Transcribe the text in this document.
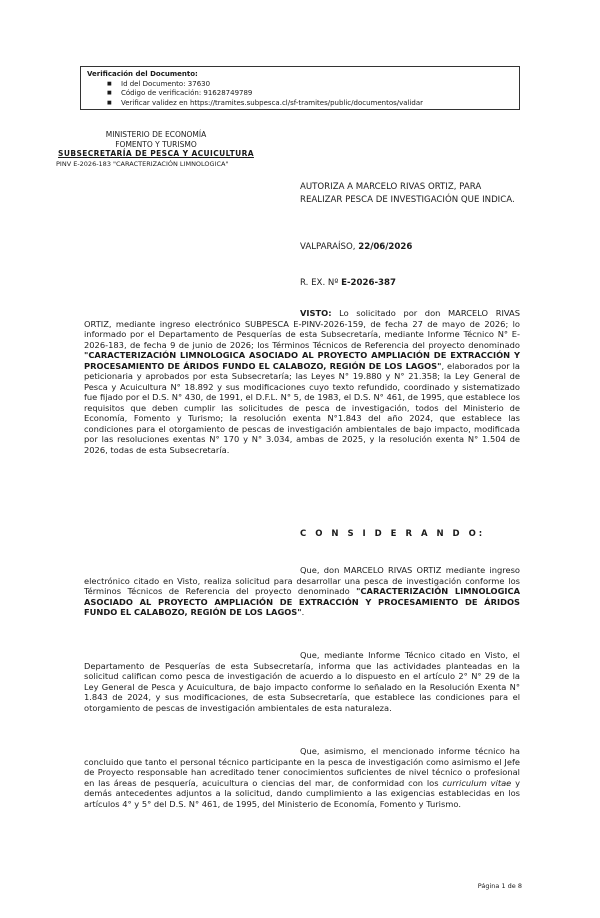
Verificación del Documento:
■ Id del Documento: 37630
■ Código de verificación: 91628749789
■ Verificar validez en https://tramites.subpesca.cl/sf-tramites/public/documentos/validar
MINISTERIO DE ECONOMÍA
FOMENTO Y TURISMO
SUBSECRETARÍA DE PESCA Y ACUICULTURA
PINV E-2026-183 "CARACTERIZACIÓN LIMNOLOGICA"
AUTORIZA A MARCELO RIVAS ORTIZ, PARA REALIZAR PESCA DE INVESTIGACIÓN QUE INDICA.
VALPARAÍSO, 22/06/2026
R. EX. Nº E-2026-387
VISTO: Lo solicitado por don MARCELO RIVAS ORTIZ, mediante ingreso electrónico SUBPESCA E-PINV-2026-159, de fecha 27 de mayo de 2026; lo informado por el Departamento de Pesquerías de esta Subsecretaría, mediante Informe Técnico N° E-2026-183, de fecha 9 de junio de 2026; los Términos Técnicos de Referencia del proyecto denominado "CARACTERIZACIÓN LIMNOLOGICA ASOCIADO AL PROYECTO AMPLIACIÓN DE EXTRACCIÓN Y PROCESAMIENTO DE ÁRIDOS FUNDO EL CALABOZO, REGIÓN DE LOS LAGOS", elaborados por la peticionaria y aprobados por esta Subsecretaría; las Leyes N° 19.880 y N° 21.358; la Ley General de Pesca y Acuicultura N° 18.892 y sus modificaciones cuyo texto refundido, coordinado y sistematizado fue fijado por el D.S. N° 430, de 1991, el D.F.L. N° 5, de 1983, el D.S. N° 461, de 1995, que establece los requisitos que deben cumplir las solicitudes de pesca de investigación, todos del Ministerio de Economía, Fomento y Turismo; la resolución exenta N°1.843 del año 2024, que establece las condiciones para el otorgamiento de pescas de investigación ambientales de bajo impacto, modificada por las resoluciones exentas N° 170 y N° 3.034, ambas de 2025, y la resolución exenta N° 1.504 de 2026, todas de esta Subsecretaría.
C O N S I D E R A N D O:
Que, don MARCELO RIVAS ORTIZ mediante ingreso electrónico citado en Visto, realiza solicitud para desarrollar una pesca de investigación conforme los Términos Técnicos de Referencia del proyecto denominado "CARACTERIZACIÓN LIMNOLOGICA ASOCIADO AL PROYECTO AMPLIACIÓN DE EXTRACCIÓN Y PROCESAMIENTO DE ÁRIDOS FUNDO EL CALABOZO, REGIÓN DE LOS LAGOS".
Que, mediante Informe Técnico citado en Visto, el Departamento de Pesquerías de esta Subsecretaría, informa que las actividades planteadas en la solicitud califican como pesca de investigación de acuerdo a lo dispuesto en el artículo 2° N° 29 de la Ley General de Pesca y Acuicultura, de bajo impacto conforme lo señalado en la Resolución Exenta N° 1.843 de 2024, y sus modificaciones, de esta Subsecretaría, que establece las condiciones para el otorgamiento de pescas de investigación ambientales de esta naturaleza.
Que, asimismo, el mencionado informe técnico ha concluido que tanto el personal técnico participante en la pesca de investigación como asimismo el Jefe de Proyecto responsable han acreditado tener conocimientos suficientes de nivel técnico o profesional en las áreas de pesquería, acuicultura o ciencias del mar, de conformidad con los curriculum vitae y demás antecedentes adjuntos a la solicitud, dando cumplimiento a las exigencias establecidas en los artículos 4° y 5° del D.S. N° 461, de 1995, del Ministerio de Economía, Fomento y Turismo.
Página 1 de 8
